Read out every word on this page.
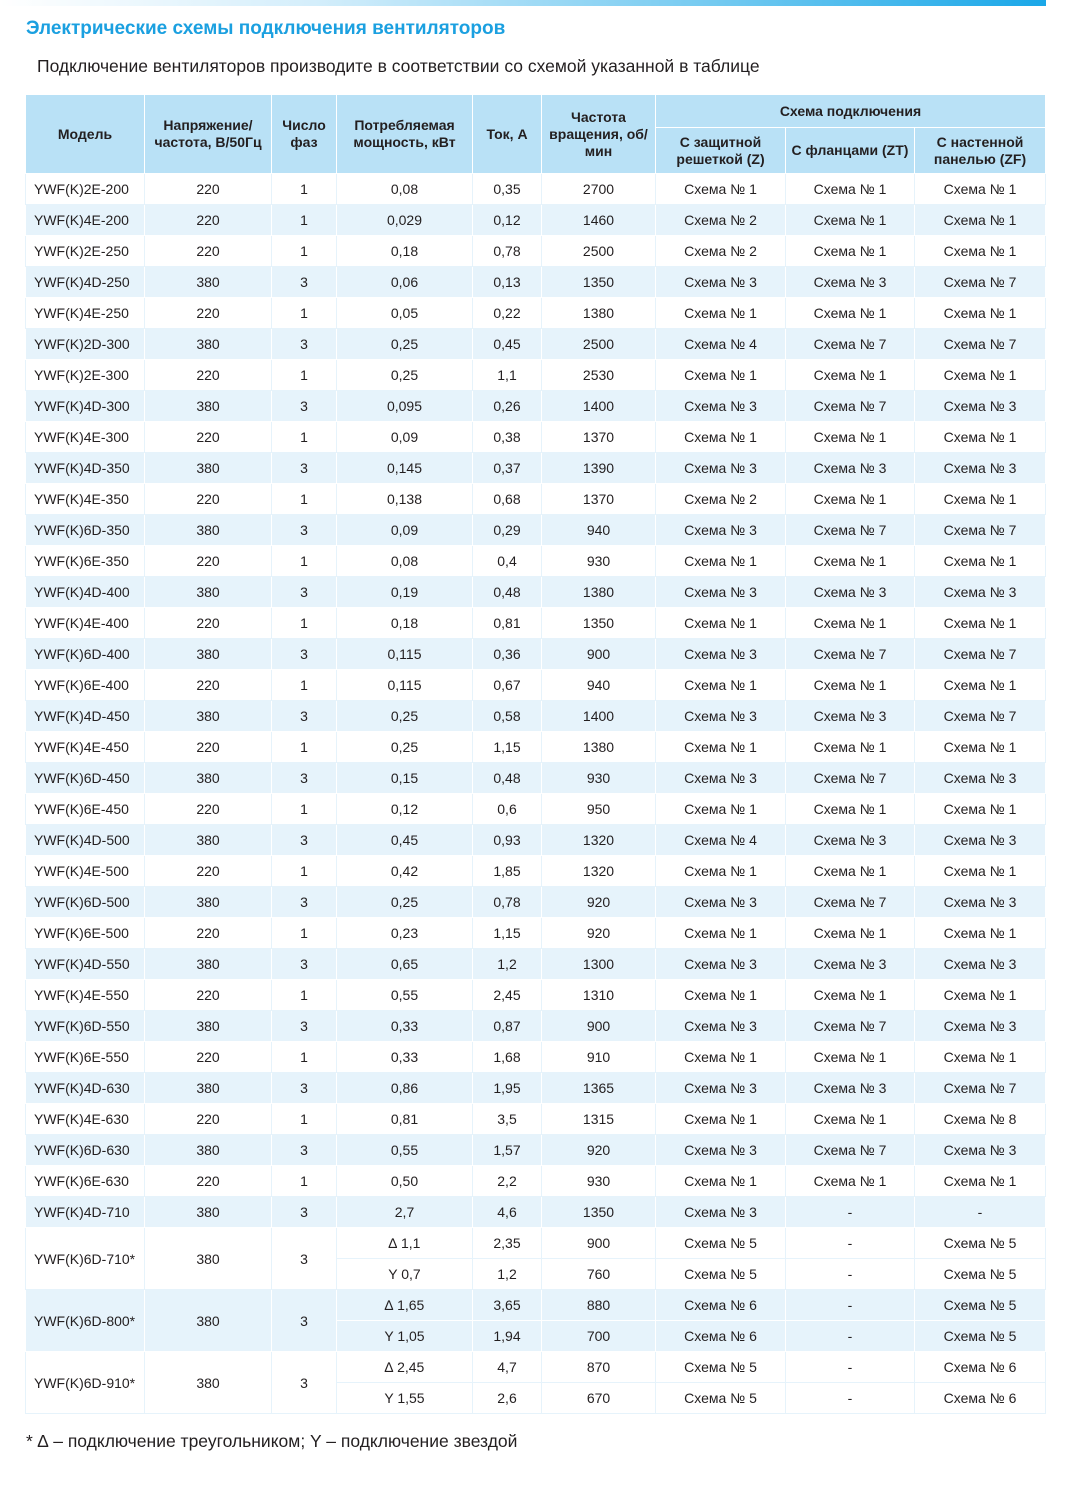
Электрические схемы подключения вентиляторов
Подключение вентиляторов производите в соответствии со схемой указанной в таблице
Модель	Напряжение/ частота, В/50Гц	Число фаз	Потребляемая мощность, кВт	Ток, А	Частота вращения, об/мин	Схема подключения		
						С защитной решеткой (Z)	С фланцами (ZT)	С настенной панелью (ZF)
YWF(K)2E-200	220	1	0,08	0,35	2700	Схема № 1	Схема № 1	Схема № 1
YWF(K)4E-200	220	1	0,029	0,12	1460	Схема № 2	Схема № 1	Схема № 1
YWF(K)2E-250	220	1	0,18	0,78	2500	Схема № 2	Схема № 1	Схема № 1
YWF(K)4D-250	380	3	0,06	0,13	1350	Схема № 3	Схема № 3	Схема № 7
YWF(K)4E-250	220	1	0,05	0,22	1380	Схема № 1	Схема № 1	Схема № 1
YWF(K)2D-300	380	3	0,25	0,45	2500	Схема № 4	Схема № 7	Схема № 7
YWF(K)2E-300	220	1	0,25	1,1	2530	Схема № 1	Схема № 1	Схема № 1
YWF(K)4D-300	380	3	0,095	0,26	1400	Схема № 3	Схема № 7	Схема № 3
YWF(K)4E-300	220	1	0,09	0,38	1370	Схема № 1	Схема № 1	Схема № 1
YWF(K)4D-350	380	3	0,145	0,37	1390	Схема № 3	Схема № 3	Схема № 3
YWF(K)4E-350	220	1	0,138	0,68	1370	Схема № 2	Схема № 1	Схема № 1
YWF(K)6D-350	380	3	0,09	0,29	940	Схема № 3	Схема № 7	Схема № 7
YWF(K)6E-350	220	1	0,08	0,4	930	Схема № 1	Схема № 1	Схема № 1
YWF(K)4D-400	380	3	0,19	0,48	1380	Схема № 3	Схема № 3	Схема № 3
YWF(K)4E-400	220	1	0,18	0,81	1350	Схема № 1	Схема № 1	Схема № 1
YWF(K)6D-400	380	3	0,115	0,36	900	Схема № 3	Схема № 7	Схема № 7
YWF(K)6E-400	220	1	0,115	0,67	940	Схема № 1	Схема № 1	Схема № 1
YWF(K)4D-450	380	3	0,25	0,58	1400	Схема № 3	Схема № 3	Схема № 7
YWF(K)4E-450	220	1	0,25	1,15	1380	Схема № 1	Схема № 1	Схема № 1
YWF(K)6D-450	380	3	0,15	0,48	930	Схема № 3	Схема № 7	Схема № 3
YWF(K)6E-450	220	1	0,12	0,6	950	Схема № 1	Схема № 1	Схема № 1
YWF(K)4D-500	380	3	0,45	0,93	1320	Схема № 4	Схема № 3	Схема № 3
YWF(K)4E-500	220	1	0,42	1,85	1320	Схема № 1	Схема № 1	Схема № 1
YWF(K)6D-500	380	3	0,25	0,78	920	Схема № 3	Схема № 7	Схема № 3
YWF(K)6E-500	220	1	0,23	1,15	920	Схема № 1	Схема № 1	Схема № 1
YWF(K)4D-550	380	3	0,65	1,2	1300	Схема № 3	Схема № 3	Схема № 3
YWF(K)4E-550	220	1	0,55	2,45	1310	Схема № 1	Схема № 1	Схема № 1
YWF(K)6D-550	380	3	0,33	0,87	900	Схема № 3	Схема № 7	Схема № 3
YWF(K)6E-550	220	1	0,33	1,68	910	Схема № 1	Схема № 1	Схема № 1
YWF(K)4D-630	380	3	0,86	1,95	1365	Схема № 3	Схема № 3	Схема № 7
YWF(K)4E-630	220	1	0,81	3,5	1315	Схема № 1	Схема № 1	Схема № 8
YWF(K)6D-630	380	3	0,55	1,57	920	Схема № 3	Схема № 7	Схема № 3
YWF(K)6E-630	220	1	0,50	2,2	930	Схема № 1	Схема № 1	Схема № 1
YWF(K)4D-710	380	3	2,7	4,6	1350	Схема № 3	-	-
YWF(K)6D-710*	380	3	∆ 1,1	2,35	900	Схема № 5	-	Схема № 5
			Y 0,7	1,2	760	Схема № 5	-	Схема № 5
YWF(K)6D-800*	380	3	∆ 1,65	3,65	880	Схема № 6	-	Схема № 5
			Y 1,05	1,94	700	Схема № 6	-	Схема № 5
YWF(K)6D-910*	380	3	∆ 2,45	4,7	870	Схема № 5	-	Схема № 6
			Y 1,55	2,6	670	Схема № 5	-	Схема № 6
* ∆ – подключение треугольником; Y – подключение звездой
